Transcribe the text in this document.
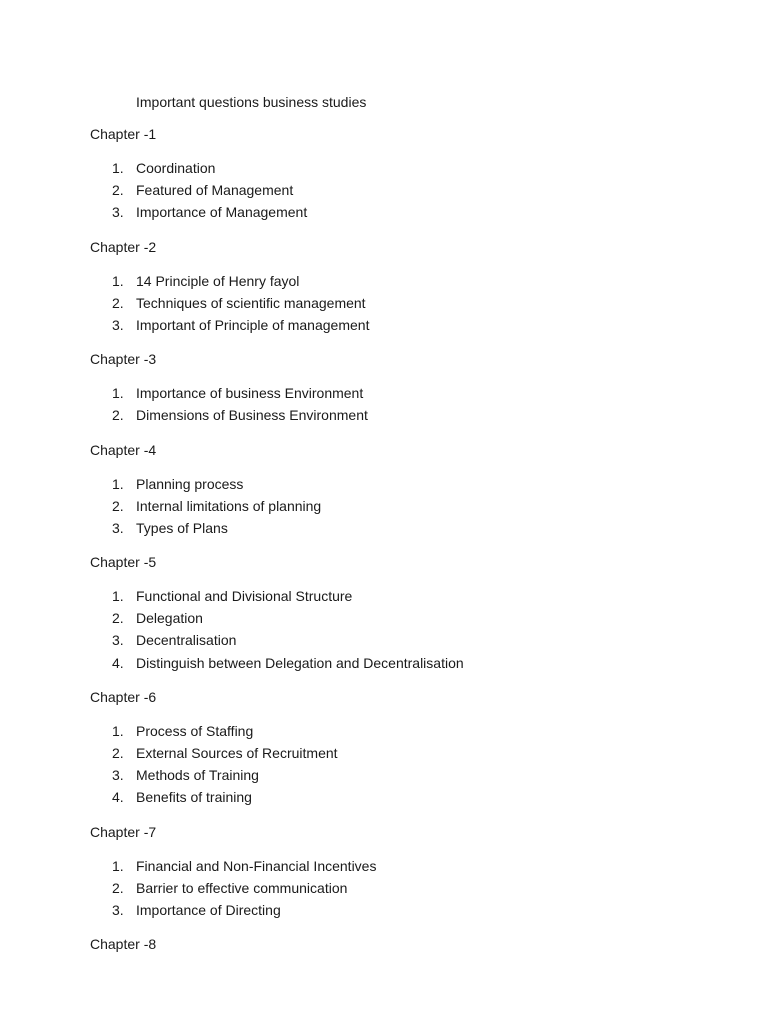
Important questions business studies
Chapter -1
1. Coordination
2. Featured of Management
3. Importance of Management
Chapter -2
1. 14 Principle of Henry fayol
2. Techniques of scientific management
3. Important of Principle of management
Chapter -3
1. Importance of business Environment
2. Dimensions of Business Environment
Chapter -4
1. Planning process
2. Internal limitations of planning
3. Types of Plans
Chapter -5
1. Functional and Divisional Structure
2. Delegation
3. Decentralisation
4. Distinguish between Delegation and Decentralisation
Chapter -6
1. Process of Staffing
2. External Sources of Recruitment
3. Methods of Training
4. Benefits of training
Chapter -7
1. Financial and Non-Financial Incentives
2. Barrier to effective communication
3. Importance of Directing
Chapter -8
